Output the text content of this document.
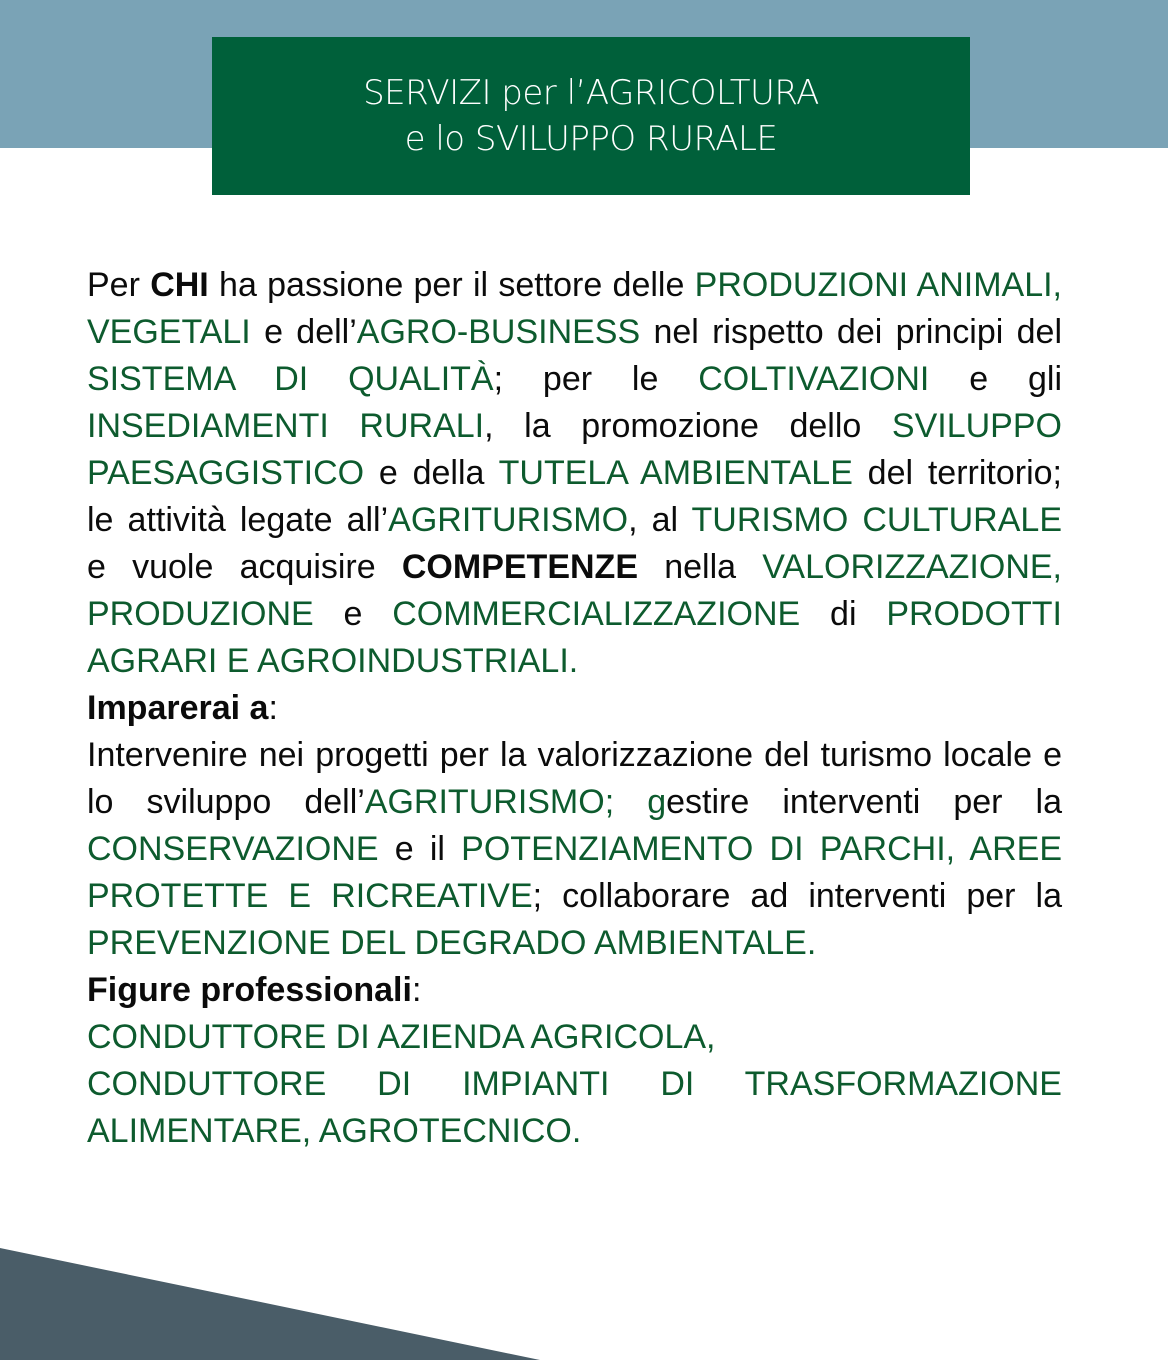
SERVIZI per l’AGRICOLTURA
e lo SVILUPPO RURALE

Per CHI ha passione per il settore delle PRODUZIONI ANIMALI, VEGETALI e dell’AGRO-BUSINESS nel rispetto dei principi del SISTEMA DI QUALITÀ; per le COLTIVAZIONI e gli INSEDIAMENTI RURALI, la promozione dello SVILUPPO PAESAGGISTICO e della TUTELA AMBIENTALE del territorio; le attività legate all’AGRITURISMO, al TURISMO CULTURALE e vuole acquisire COMPETENZE nella VALORIZZAZIONE, PRODUZIONE e COMMERCIALIZZAZIONE di PRODOTTI AGRARI E AGROINDUSTRIALI.

Imparerai a:

Intervenire nei progetti per la valorizzazione del turismo locale e lo sviluppo dell’AGRITURISMO; gestire interventi per la CONSERVAZIONE e il POTENZIAMENTO DI PARCHI, AREE PROTETTE E RICREATIVE; collaborare ad interventi per la PREVENZIONE DEL DEGRADO AMBIENTALE.

Figure professionali:

CONDUTTORE DI AZIENDA AGRICOLA,

CONDUTTORE DI IMPIANTI DI TRASFORMAZIONE ALIMENTARE, AGROTECNICO.
